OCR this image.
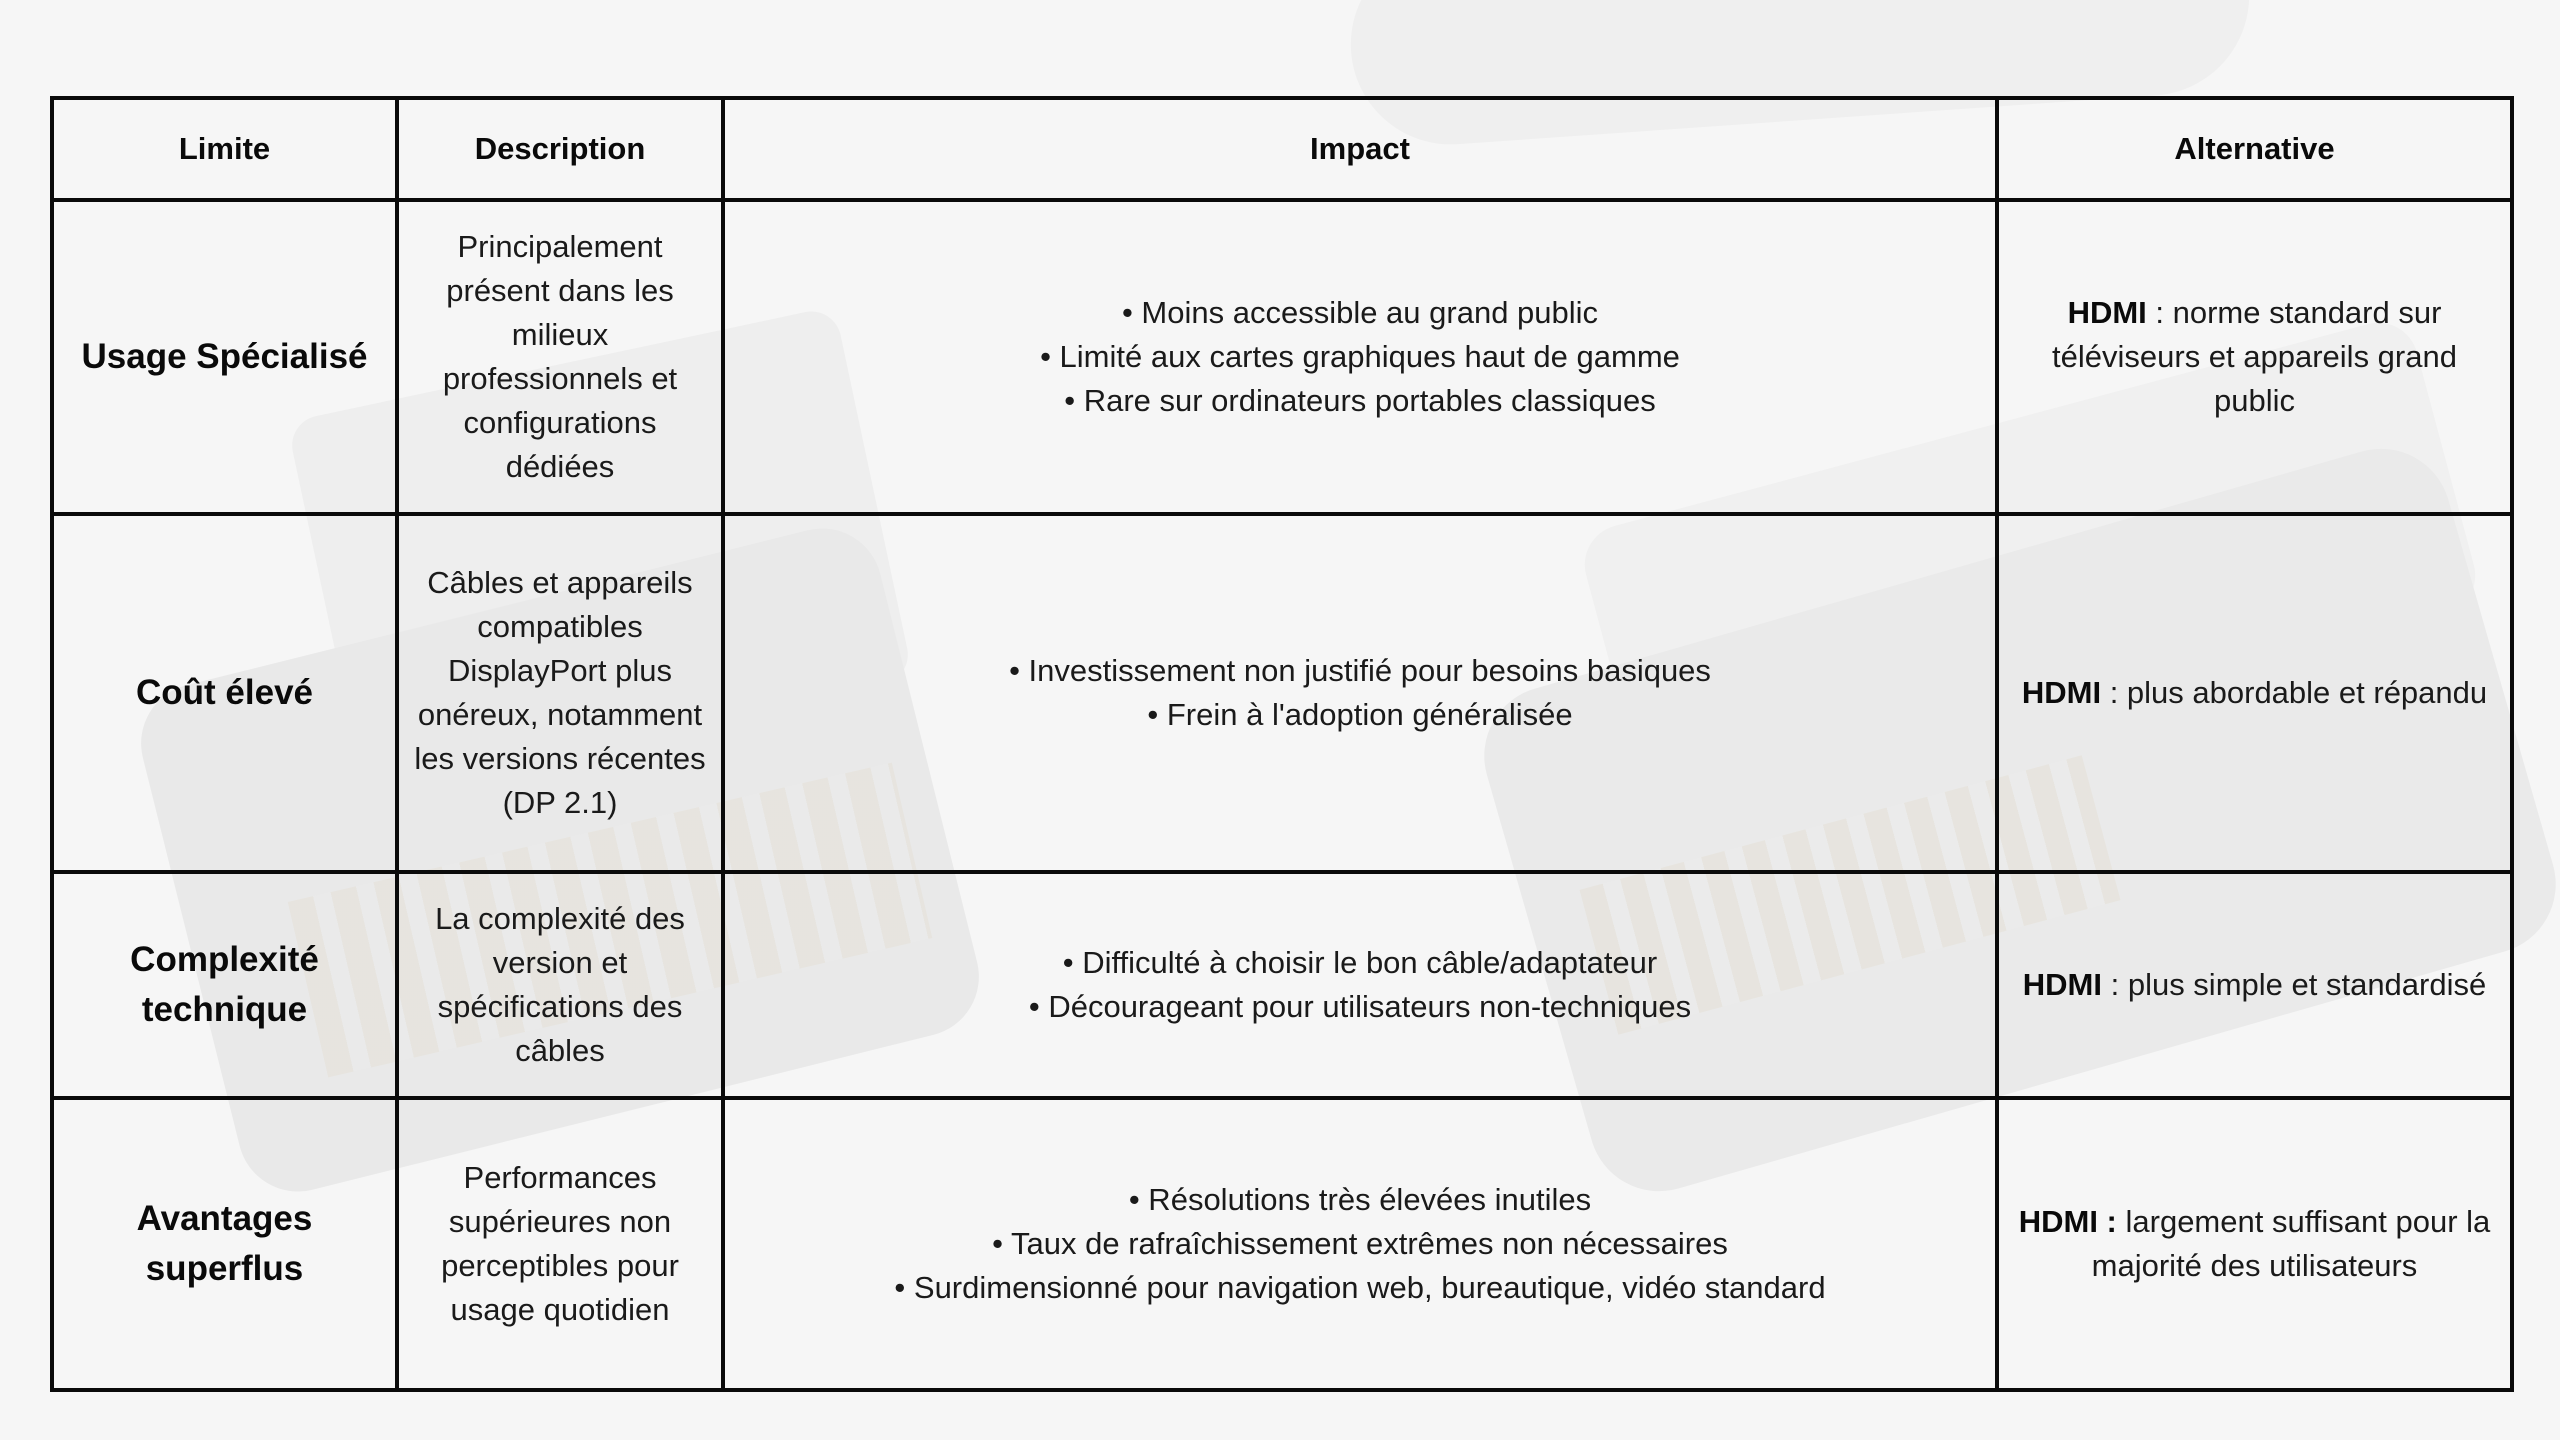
Limite	Description	Impact	Alternative
Usage Spécialisé	Principalement présent dans les milieux professionnels et configurations dédiées	• Moins accessible au grand public
• Limité aux cartes graphiques haut de gamme
• Rare sur ordinateurs portables classiques	HDMI : norme standard sur téléviseurs et appareils grand public
Coût élevé	Câbles et appareils compatibles DisplayPort plus onéreux, notamment les versions récentes (DP 2.1)	• Investissement non justifié pour besoins basiques
• Frein à l'adoption généralisée	HDMI : plus abordable et répandu
Complexité technique	La complexité des version et spécifications des câbles	• Difficulté à choisir le bon câble/adaptateur
• Décourageant pour utilisateurs non-techniques	HDMI : plus simple et standardisé
Avantages superflus	Performances supérieures non perceptibles pour usage quotidien	• Résolutions très élevées inutiles
• Taux de rafraîchissement extrêmes non nécessaires
• Surdimensionné pour navigation web, bureautique, vidéo standard	HDMI : largement suffisant pour la majorité des utilisateurs
